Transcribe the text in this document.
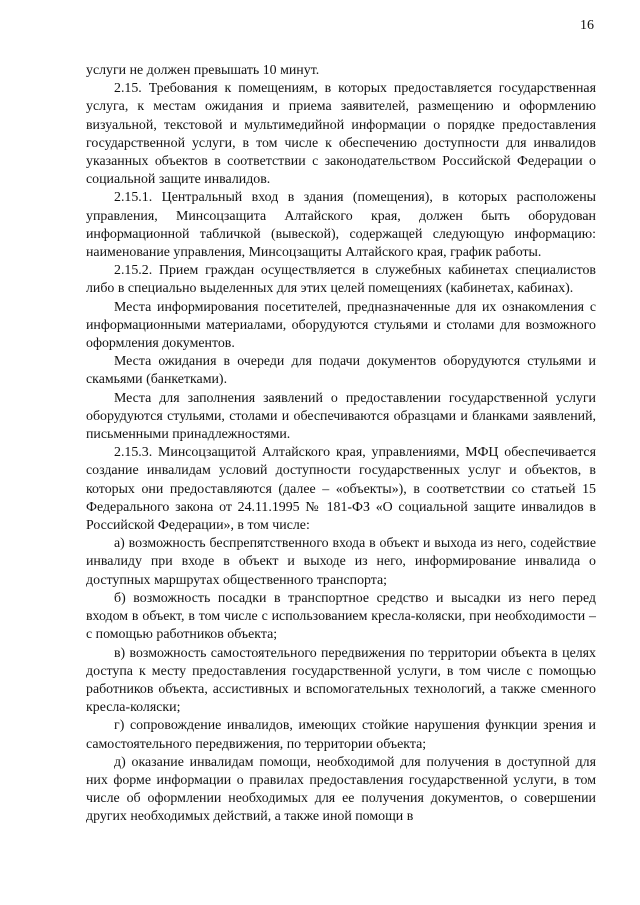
16

услуги не должен превышать 10 минут.

2.15. Требования к помещениям, в которых предоставляется государственная услуга, к местам ожидания и приема заявителей, размещению и оформлению визуальной, текстовой и мультимедийной информации о порядке предоставления государственной услуги, в том числе к обеспечению доступности для инвалидов указанных объектов в соответствии с законодательством Российской Федерации о социальной защите инвалидов.

2.15.1. Центральный вход в здания (помещения), в которых расположены управления, Минсоцзащита Алтайского края, должен быть оборудован информационной табличкой (вывеской), содержащей следующую информацию: наименование управления, Минсоцзащиты Алтайского края, график работы.

2.15.2. Прием граждан осуществляется в служебных кабинетах специалистов либо в специально выделенных для этих целей помещениях (кабинетах, кабинах).

Места информирования посетителей, предназначенные для их ознакомления с информационными материалами, оборудуются стульями и столами для возможного оформления документов.

Места ожидания в очереди для подачи документов оборудуются стульями и скамьями (банкетками).

Места для заполнения заявлений о предоставлении государственной услуги оборудуются стульями, столами и обеспечиваются образцами и бланками заявлений, письменными принадлежностями.

2.15.3. Минсоцзащитой Алтайского края, управлениями, МФЦ обеспечивается создание инвалидам условий доступности государственных услуг и объектов, в которых они предоставляются (далее – «объекты»), в соответствии со статьей 15 Федерального закона от 24.11.1995 № 181-ФЗ «О социальной защите инвалидов в Российской Федерации», в том числе:

а) возможность беспрепятственного входа в объект и выхода из него, содействие инвалиду при входе в объект и выходе из него, информирование инвалида о доступных маршрутах общественного транспорта;

б) возможность посадки в транспортное средство и высадки из него перед входом в объект, в том числе с использованием кресла-коляски, при необходимости – с помощью работников объекта;

в) возможность самостоятельного передвижения по территории объекта в целях доступа к месту предоставления государственной услуги, в том числе с помощью работников объекта, ассистивных и вспомогательных технологий, а также сменного кресла-коляски;

г) сопровождение инвалидов, имеющих стойкие нарушения функции зрения и самостоятельного передвижения, по территории объекта;

д) оказание инвалидам помощи, необходимой для получения в доступной для них форме информации о правилах предоставления государственной услуги, в том числе об оформлении необходимых для ее получения документов, о совершении других необходимых действий, а также иной помощи в
